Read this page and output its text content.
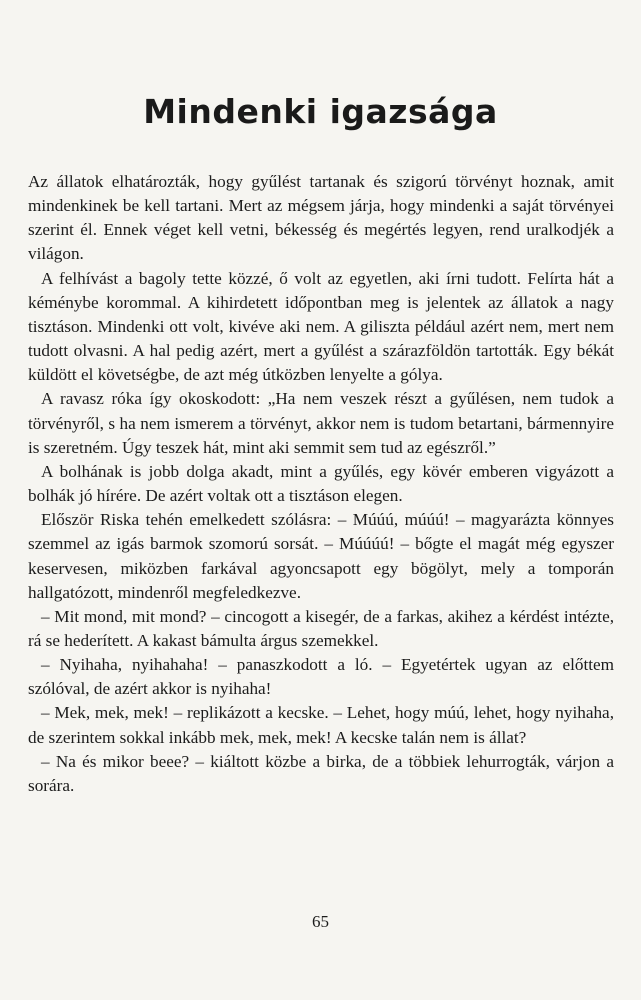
Mindenki igazsága

Az állatok elhatározták, hogy gyűlést tartanak és szigorú törvényt hoznak, amit mindenkinek be kell tartani. Mert az mégsem járja, hogy mindenki a saját törvényei szerint él. Ennek véget kell vetni, békesség és megértés legyen, rend uralkodjék a világon.

A felhívást a bagoly tette közzé, ő volt az egyetlen, aki írni tudott. Felírta hát a kéménybe korommal. A kihirdetett időpontban meg is jelentek az állatok a nagy tisztáson. Mindenki ott volt, kivéve aki nem. A giliszta például azért nem, mert nem tudott olvasni. A hal pedig azért, mert a gyűlést a szárazföldön tartották. Egy békát küldött el követségbe, de azt még útközben lenyelte a gólya.

A ravasz róka így okoskodott: „Ha nem veszek részt a gyűlésen, nem tudok a törvényről, s ha nem ismerem a törvényt, akkor nem is tudom betartani, bármennyire is szeretném. Úgy teszek hát, mint aki semmit sem tud az egészről.”

A bolhának is jobb dolga akadt, mint a gyűlés, egy kövér emberen vigyázott a bolhák jó hírére. De azért voltak ott a tisztáson elegen.

Először Riska tehén emelkedett szólásra: – Múúú, múúú! – magyarázta könnyes szemmel az igás barmok szomorú sorsát. – Múúúú! – bőgte el magát még egyszer keservesen, miközben farkával agyoncsapott egy bögölyt, mely a tomporán hallgatózott, mindenről megfeledkezve.

– Mit mond, mit mond? – cincogott a kisegér, de a farkas, akihez a kérdést intézte, rá se hederített. A kakast bámulta árgus szemekkel.

– Nyihaha, nyihahaha! – panaszkodott a ló. – Egyetértek ugyan az előttem szólóval, de azért akkor is nyihaha!

– Mek, mek, mek! – replikázott a kecske. – Lehet, hogy múú, lehet, hogy nyihaha, de szerintem sokkal inkább mek, mek, mek! A kecske talán nem is állat?

– Na és mikor beee? – kiáltott közbe a birka, de a többiek lehurrogták, várjon a sorára.

65
